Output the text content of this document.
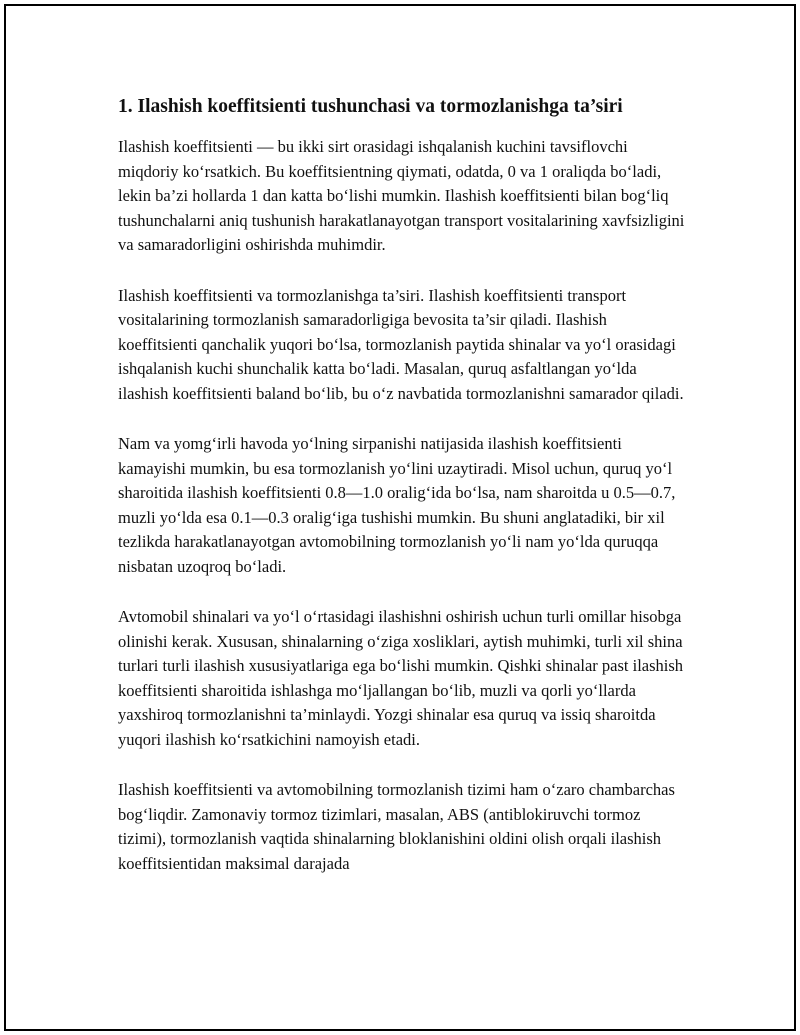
1. Ilashish koeffitsienti tushunchasi va tormozlanishga ta’siri

Ilashish koeffitsienti — bu ikki sirt orasidagi ishqalanish kuchini tavsiflovchi miqdoriy ko‘rsatkich. Bu koeffitsientning qiymati, odatda, 0 va 1 oraliqda bo‘ladi, lekin ba’zi hollarda 1 dan katta bo‘lishi mumkin. Ilashish koeffitsienti bilan bog‘liq tushunchalarni aniq tushunish harakatlanayotgan transport vositalarining xavfsizligini va samaradorligini oshirishda muhimdir.

Ilashish koeffitsienti va tormozlanishga ta’siri. Ilashish koeffitsienti transport vositalarining tormozlanish samaradorligiga bevosita ta’sir qiladi. Ilashish koeffitsienti qanchalik yuqori bo‘lsa, tormozlanish paytida shinalar va yo‘l orasidagi ishqalanish kuchi shunchalik katta bo‘ladi. Masalan, quruq asfaltlangan yo‘lda ilashish koeffitsienti baland bo‘lib, bu o‘z navbatida tormozlanishni samarador qiladi.

Nam va yomg‘irli havoda yo‘lning sirpanishi natijasida ilashish koeffitsienti kamayishi mumkin, bu esa tormozlanish yo‘lini uzaytiradi. Misol uchun, quruq yo‘l sharoitida ilashish koeffitsienti 0.8—1.0 oralig‘ida bo‘lsa, nam sharoitda u 0.5—0.7, muzli yo‘lda esa 0.1—0.3 oralig‘iga tushishi mumkin. Bu shuni anglatadiki, bir xil tezlikda harakatlanayotgan avtomobilning tormozlanish yo‘li nam yo‘lda quruqqa nisbatan uzoqroq bo‘ladi.

Avtomobil shinalari va yo‘l o‘rtasidagi ilashishni oshirish uchun turli omillar hisobga olinishi kerak. Xususan, shinalarning o‘ziga xosliklari, aytish muhimki, turli xil shina turlari turli ilashish xususiyatlariga ega bo‘lishi mumkin. Qishki shinalar past ilashish koeffitsienti sharoitida ishlashga mo‘ljallangan bo‘lib, muzli va qorli yo‘llarda yaxshiroq tormozlanishni ta’minlaydi. Yozgi shinalar esa quruq va issiq sharoitda yuqori ilashish ko‘rsatkichini namoyish etadi.

Ilashish koeffitsienti va avtomobilning tormozlanish tizimi ham o‘zaro chambarchas bog‘liqdir. Zamonaviy tormoz tizimlari, masalan, ABS (antiblokiruvchi tormoz tizimi), tormozlanish vaqtida shinalarning bloklanishini oldini olish orqali ilashish koeffitsientidan maksimal darajada
